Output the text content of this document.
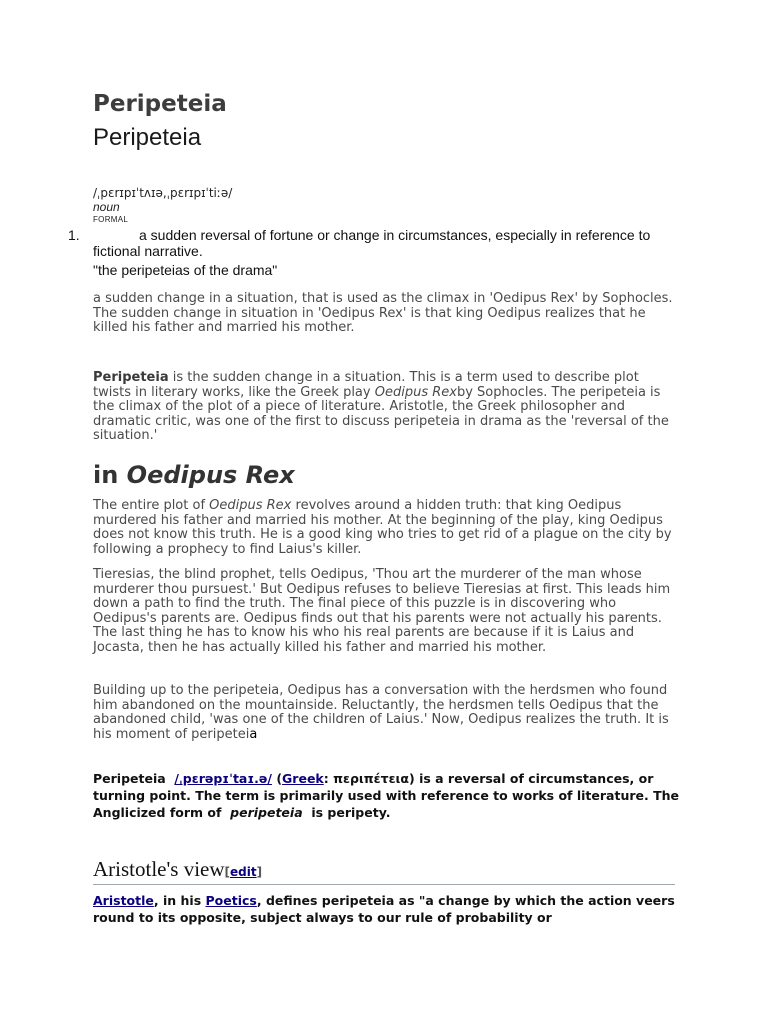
Peripeteia
Peripeteia
/ˌpɛrɪpɪˈtʌɪə,ˌpɛrɪpɪˈtiːə/
noun
FORMAL
1.	a sudden reversal of fortune or change in circumstances, especially in reference to fictional narrative.
"the peripeteias of the drama"
a sudden change in a situation, that is used as the climax in 'Oedipus Rex' by Sophocles. The sudden change in situation in 'Oedipus Rex' is that king Oedipus realizes that he killed his father and married his mother.
Peripeteia is the sudden change in a situation. This is a term used to describe plot twists in literary works, like the Greek play Oedipus Rexby Sophocles. The peripeteia is the climax of the plot of a piece of literature. Aristotle, the Greek philosopher and dramatic critic, was one of the first to discuss peripeteia in drama as the 'reversal of the situation.'
in Oedipus Rex
The entire plot of Oedipus Rex revolves around a hidden truth: that king Oedipus murdered his father and married his mother. At the beginning of the play, king Oedipus does not know this truth. He is a good king who tries to get rid of a plague on the city by following a prophecy to find Laius's killer.
Tieresias, the blind prophet, tells Oedipus, 'Thou art the murderer of the man whose murderer thou pursuest.' But Oedipus refuses to believe Tieresias at first. This leads him down a path to find the truth. The final piece of this puzzle is in discovering who Oedipus's parents are. Oedipus finds out that his parents were not actually his parents. The last thing he has to know his who his real parents are because if it is Laius and Jocasta, then he has actually killed his father and married his mother.
Building up to the peripeteia, Oedipus has a conversation with the herdsmen who found him abandoned on the mountainside. Reluctantly, the herdsmen tells Oedipus that the abandoned child, 'was one of the children of Laius.' Now, Oedipus realizes the truth. It is his moment of peripeteia
Peripeteia /ˌpɛrəpɪˈtaɪ.ə/ (Greek: περιπέτεια) is a reversal of circumstances, or turning point. The term is primarily used with reference to works of literature. The Anglicized form of  peripeteia  is peripety.
Aristotle's view[edit]
Aristotle, in his Poetics, defines peripeteia as "a change by which the action veers round to its opposite, subject always to our rule of probability or
